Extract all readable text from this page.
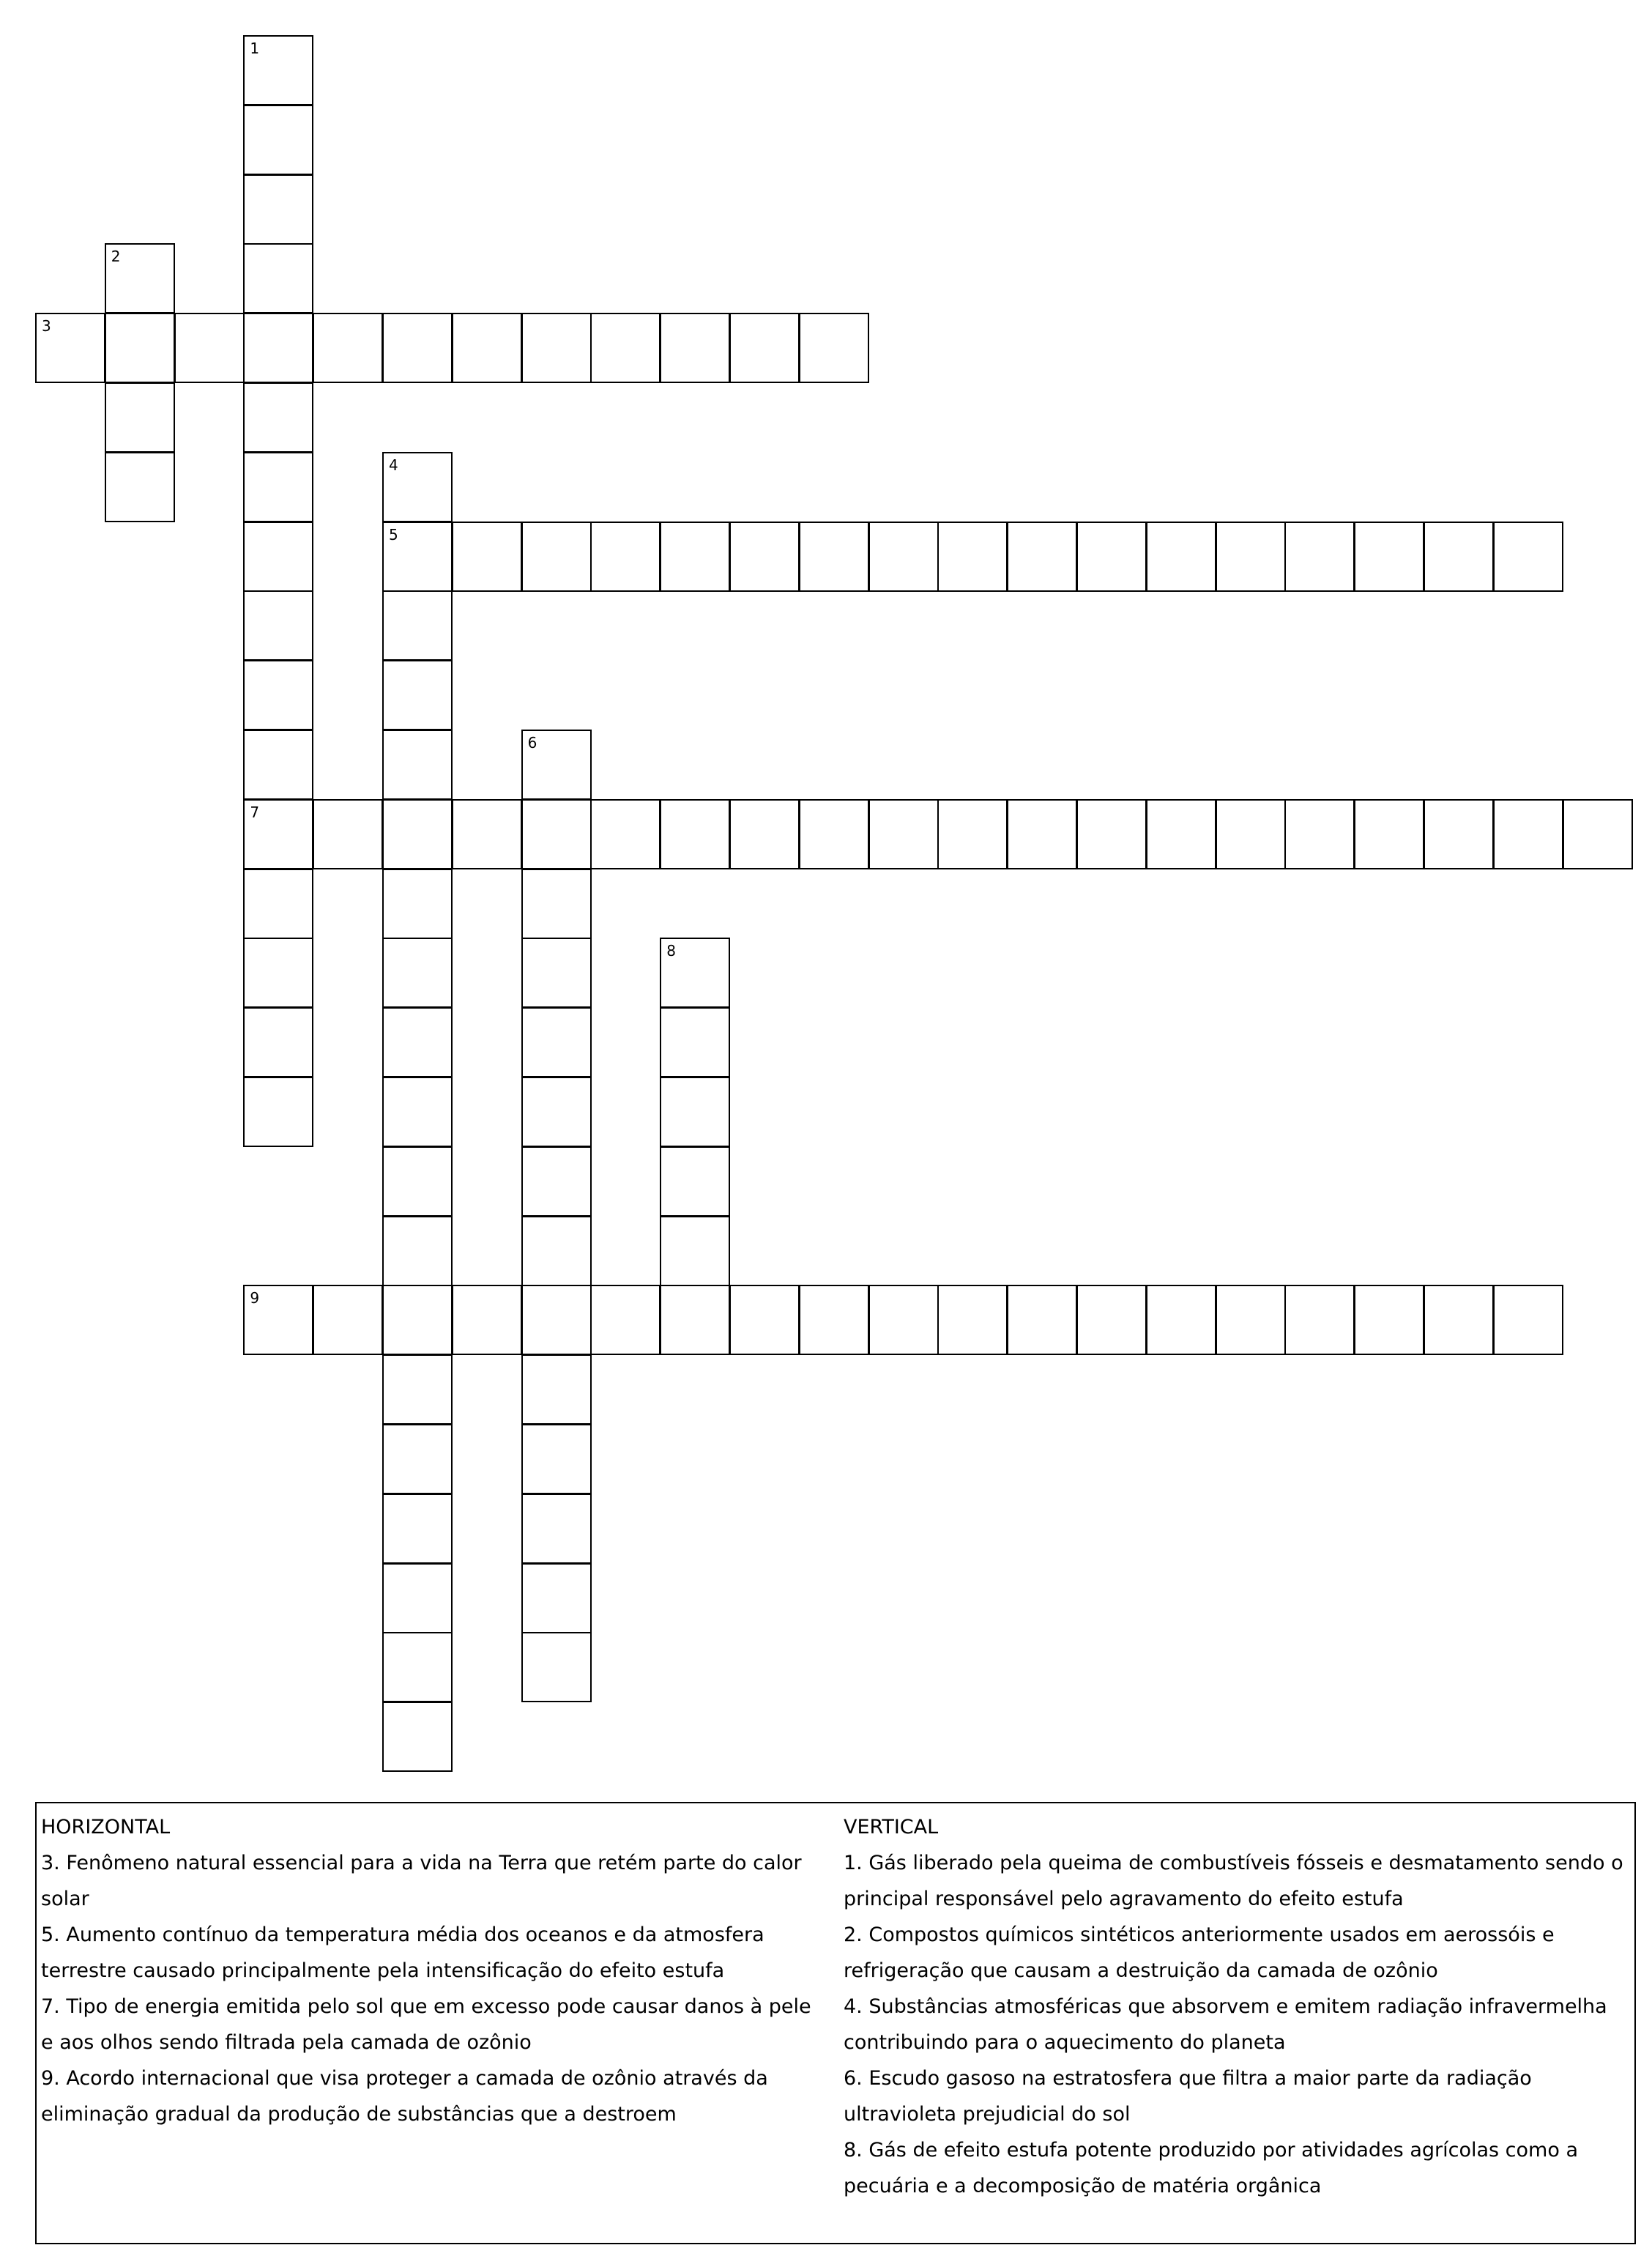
1
7
2
3
4
5
6
8
9

HORIZONTAL

3. Fenômeno natural essencial para a vida na Terra que retém parte do calor solar

5. Aumento contínuo da temperatura média dos oceanos e da atmosfera terrestre causado principalmente pela intensificação do efeito estufa

7. Tipo de energia emitida pelo sol que em excesso pode causar danos à pele e aos olhos sendo filtrada pela camada de ozônio

9. Acordo internacional que visa proteger a camada de ozônio através da eliminação gradual da produção de substâncias que a destroem

VERTICAL

1. Gás liberado pela queima de combustíveis fósseis e desmatamento sendo o principal responsável pelo agravamento do efeito estufa

2. Compostos químicos sintéticos anteriormente usados em aerossóis e refrigeração que causam a destruição da camada de ozônio

4. Substâncias atmosféricas que absorvem e emitem radiação infravermelha contribuindo para o aquecimento do planeta

6. Escudo gasoso na estratosfera que filtra a maior parte da radiação ultravioleta prejudicial do sol

8. Gás de efeito estufa potente produzido por atividades agrícolas como a pecuária e a decomposição de matéria orgânica
